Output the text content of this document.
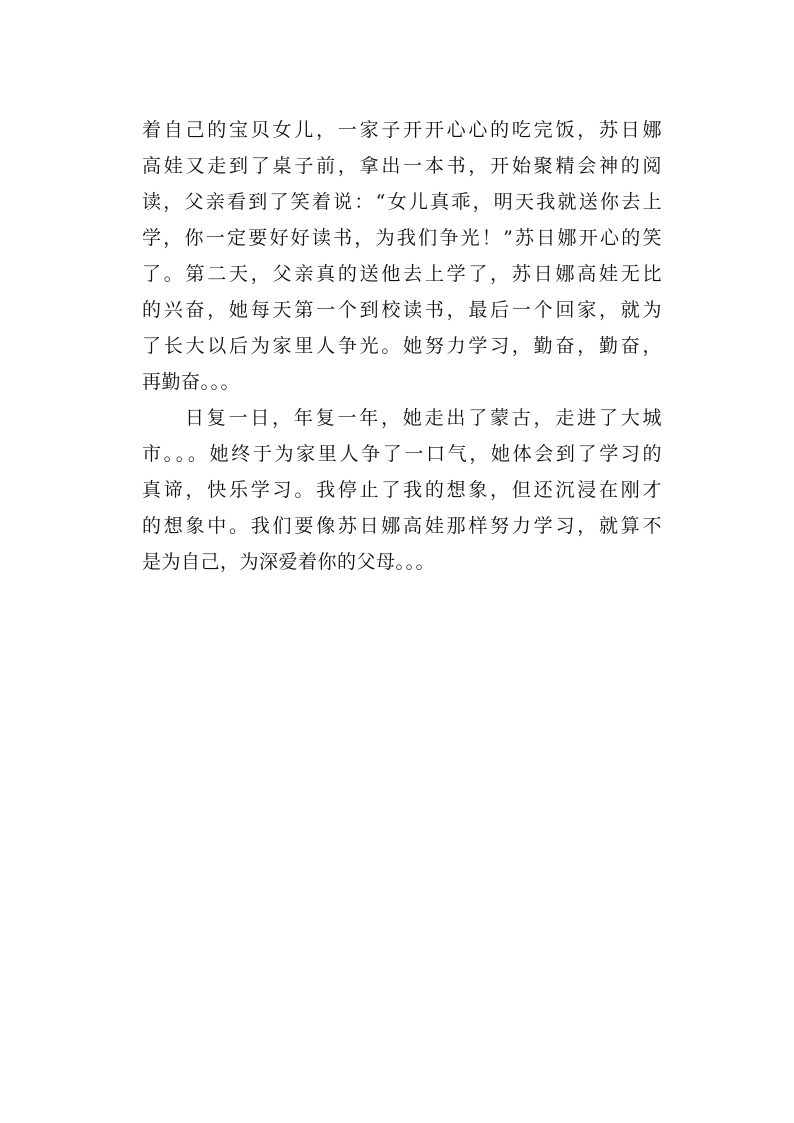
着自己的宝贝女儿，一家子开开心心的吃完饭，苏日娜
高娃又走到了桌子前，拿出一本书，开始聚精会神的阅
读，父亲看到了笑着说：“女儿真乖，明天我就送你去上
学，你一定要好好读书，为我们争光！”苏日娜开心的笑
了。第二天，父亲真的送他去上学了，苏日娜高娃无比
的兴奋，她每天第一个到校读书，最后一个回家，就为
了长大以后为家里人争光。她努力学习，勤奋，勤奋，
再勤奋。。。
日复一日，年复一年，她走出了蒙古，走进了大城
市。。。她终于为家里人争了一口气，她体会到了学习的
真谛，快乐学习。我停止了我的想象，但还沉浸在刚才
的想象中。我们要像苏日娜高娃那样努力学习，就算不
是为自己，为深爱着你的父母。。。
